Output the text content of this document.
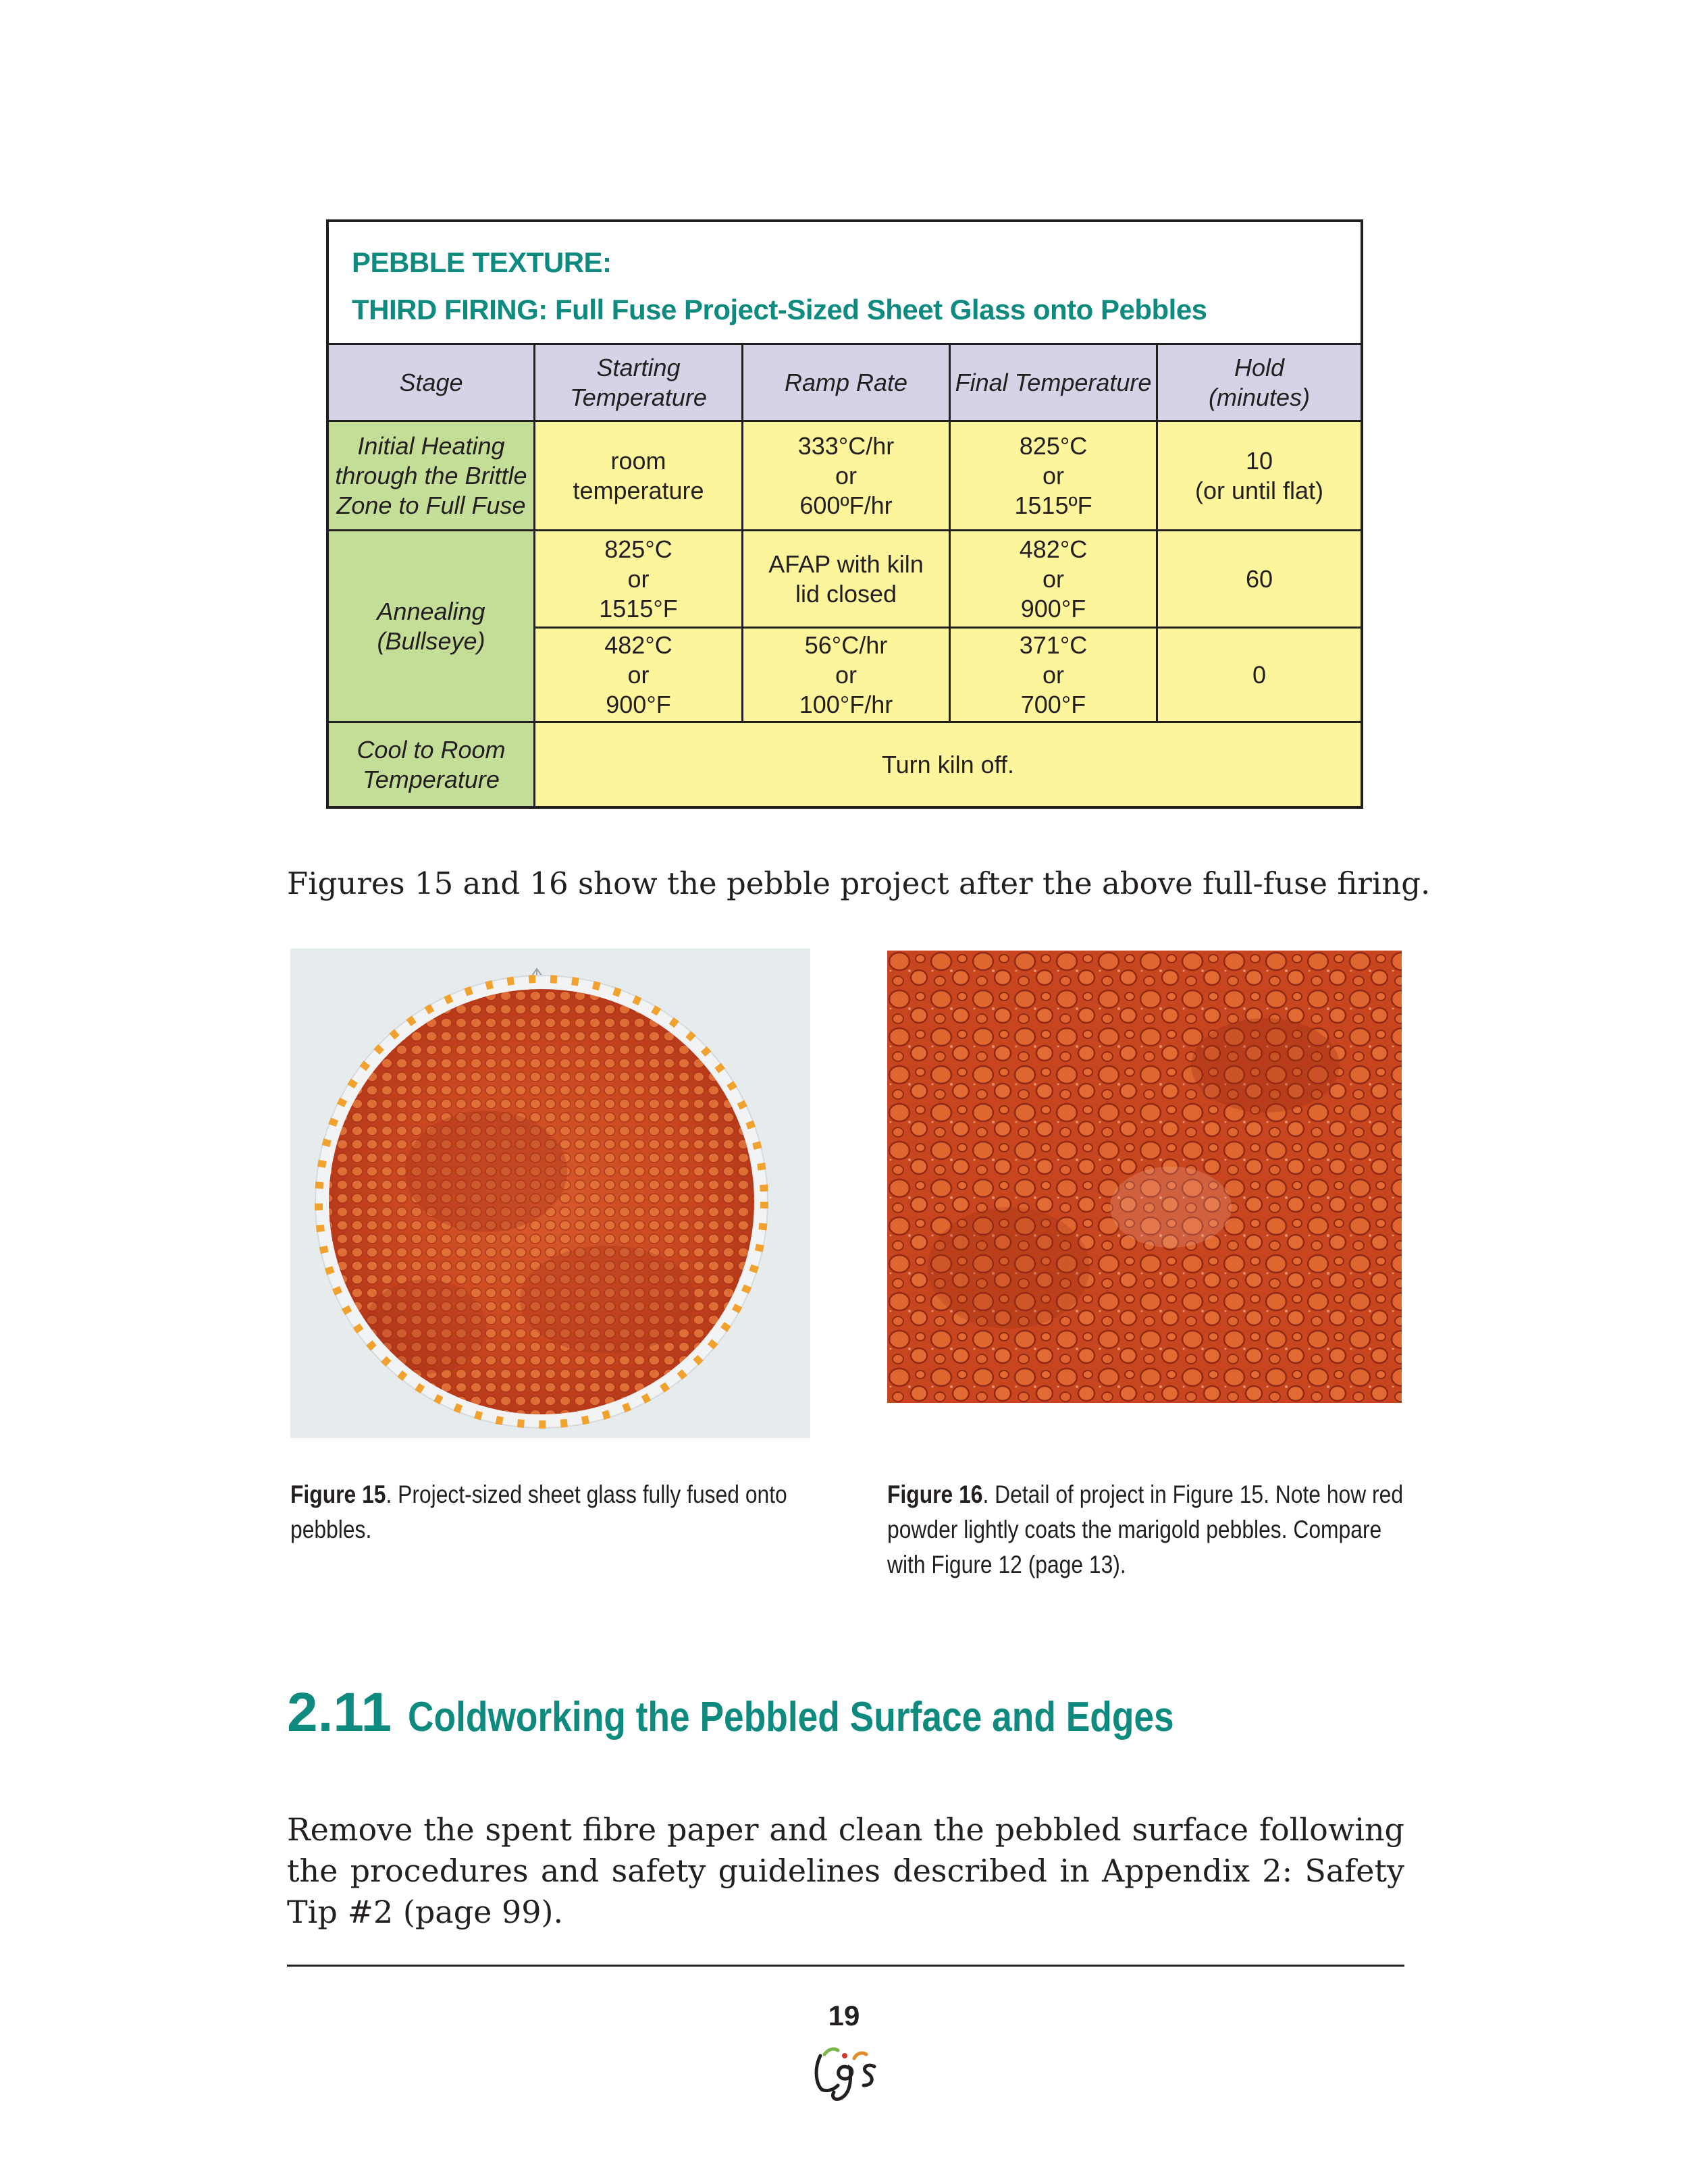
PEBBLE TEXTURE:
THIRD FIRING: Full Fuse Project-Sized Sheet Glass onto Pebbles
Stage
Starting
Temperature
Ramp Rate	Final Temperature
Hold
(minutes)
Initial Heating
through the Brittle
Zone to Full Fuse
Annealing
(Bullseye)
Cool to Room
Temperature
room
temperature
333°C/hr
or
600ºF/hr
825°C
or
1515ºF
10
(or until flat)
825°C
or
1515°F
AFAP with kiln
lid closed
482°C
or
900°F
60
482°C
or
900°F
56°C/hr
or
100°F/hr
371°C
or
700°F
0
Turn kiln off.
Figures 15 and 16 show the pebble project after the above full-fuse firing.
Figure 15. Project-sized sheet glass fully fused onto pebbles.
Figure 16. Detail of project in Figure 15. Note how red powder lightly coats the marigold pebbles. Compare with Figure 12 (page 13).
2.11 Coldworking the Pebbled Surface and Edges
Remove the spent fibre paper and clean the pebbled surface following the procedures and safety guidelines described in Appendix 2: Safety Tip #2 (page 99).
19
